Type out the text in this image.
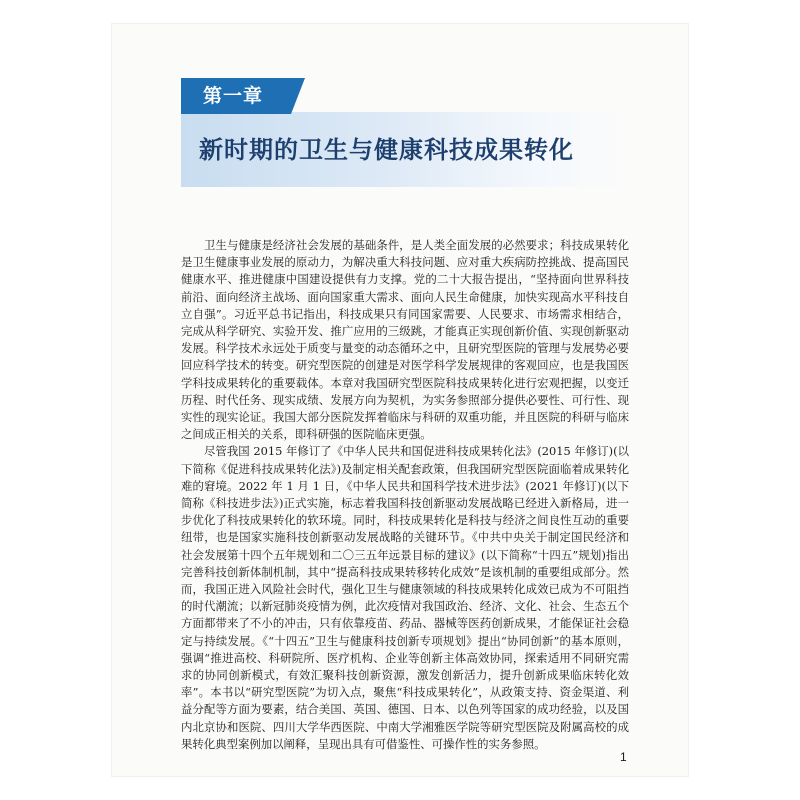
第一章
新时期的卫生与健康科技成果转化

卫生与健康是经济社会发展的基础条件，是人类全面发展的必然要求；科技成果转化是卫生健康事业发展的原动力，为解决重大科技问题、应对重大疾病防控挑战、提高国民健康水平、推进健康中国建设提供有力支撑。党的二十大报告提出，“坚持面向世界科技前沿、面向经济主战场、面向国家重大需求、面向人民生命健康，加快实现高水平科技自立自强”。习近平总书记指出，科技成果只有同国家需要、人民要求、市场需求相结合，完成从科学研究、实验开发、推广应用的三级跳，才能真正实现创新价值、实现创新驱动发展。科学技术永远处于质变与量变的动态循环之中，且研究型医院的管理与发展势必要回应科学技术的转变。研究型医院的创建是对医学科学发展规律的客观回应，也是我国医学科技成果转化的重要载体。本章对我国研究型医院科技成果转化进行宏观把握，以变迁历程、时代任务、现实成绩、发展方向为契机，为实务参照部分提供必要性、可行性、现实性的现实论证。我国大部分医院发挥着临床与科研的双重功能，并且医院的科研与临床之间成正相关的关系，即科研强的医院临床更强。

尽管我国 2015 年修订了《中华人民共和国促进科技成果转化法》(2015 年修订)(以下简称《促进科技成果转化法》)及制定相关配套政策，但我国研究型医院面临着成果转化难的窘境。2022 年 1 月 1 日，《中华人民共和国科学技术进步法》(2021 年修订)(以下简称《科技进步法》)正式实施，标志着我国科技创新驱动发展战略已经进入新格局，进一步优化了科技成果转化的软环境。同时，科技成果转化是科技与经济之间良性互动的重要纽带，也是国家实施科技创新驱动发展战略的关键环节。《中共中央关于制定国民经济和社会发展第十四个五年规划和二〇三五年远景目标的建议》(以下简称“十四五”规划)指出完善科技创新体制机制，其中“提高科技成果转移转化成效”是该机制的重要组成部分。然而，我国正进入风险社会时代，强化卫生与健康领域的科技成果转化成效已成为不可阻挡的时代潮流；以新冠肺炎疫情为例，此次疫情对我国政治、经济、文化、社会、生态五个方面都带来了不小的冲击，只有依靠疫苗、药品、器械等医药创新成果，才能保证社会稳定与持续发展。《“十四五”卫生与健康科技创新专项规划》提出“协同创新”的基本原则，强调“推进高校、科研院所、医疗机构、企业等创新主体高效协同，探索适用不同研究需求的协同创新模式，有效汇聚科技创新资源，激发创新活力，提升创新成果临床转化效率”。本书以“研究型医院”为切入点，聚焦“科技成果转化”，从政策支持、资金渠道、利益分配等方面为要素，结合美国、英国、德国、日本、以色列等国家的成功经验，以及国内北京协和医院、四川大学华西医院、中南大学湘雅医学院等研究型医院及附属高校的成果转化典型案例加以阐释，呈现出具有可借鉴性、可操作性的实务参照。

1
